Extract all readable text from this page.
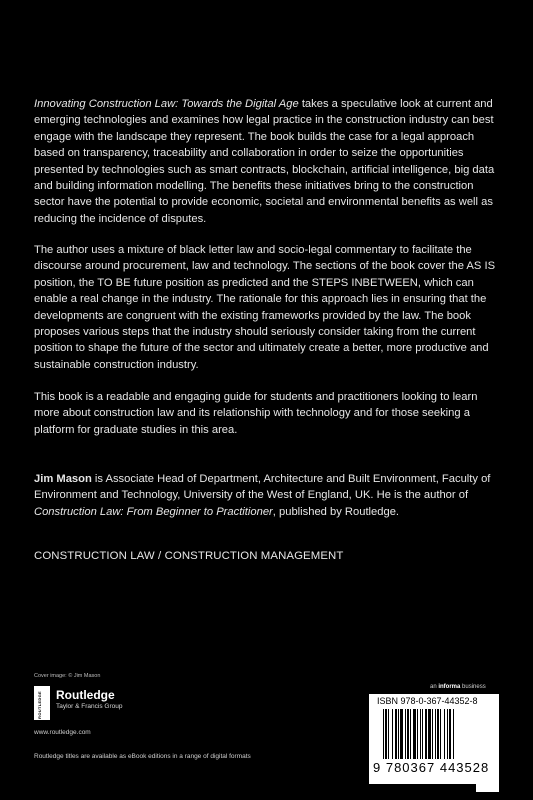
Innovating Construction Law: Towards the Digital Age takes a speculative look at current and emerging technologies and examines how legal practice in the construction industry can best engage with the landscape they represent. The book builds the case for a legal approach based on transparency, traceability and collaboration in order to seize the opportunities presented by technologies such as smart contracts, blockchain, artificial intelligence, big data and building information modelling. The benefits these initiatives bring to the construction sector have the potential to provide economic, societal and environmental benefits as well as reducing the incidence of disputes.

The author uses a mixture of black letter law and socio-legal commentary to facilitate the discourse around procurement, law and technology. The sections of the book cover the AS IS position, the TO BE future position as predicted and the STEPS INBETWEEN, which can enable a real change in the industry. The rationale for this approach lies in ensuring that the developments are congruent with the existing frameworks provided by the law. The book proposes various steps that the industry should seriously consider taking from the current position to shape the future of the sector and ultimately create a better, more productive and sustainable construction industry.

This book is a readable and engaging guide for students and practitioners looking to learn more about construction law and its relationship with technology and for those seeking a platform for graduate studies in this area.

Jim Mason is Associate Head of Department, Architecture and Built Environment, Faculty of Environment and Technology, University of the West of England, UK. He is the author of Construction Law: From Beginner to Practitioner, published by Routledge.

CONSTRUCTION LAW / CONSTRUCTION MANAGEMENT
Cover image: © Jim Mason
ROUTLEDGE Routledge
Taylor & Francis Group
www.routledge.com
Routledge titles are available as eBook editions in a range of digital formats
an informa business
ISBN 978-0-367-44352-8
9 780367 443528
